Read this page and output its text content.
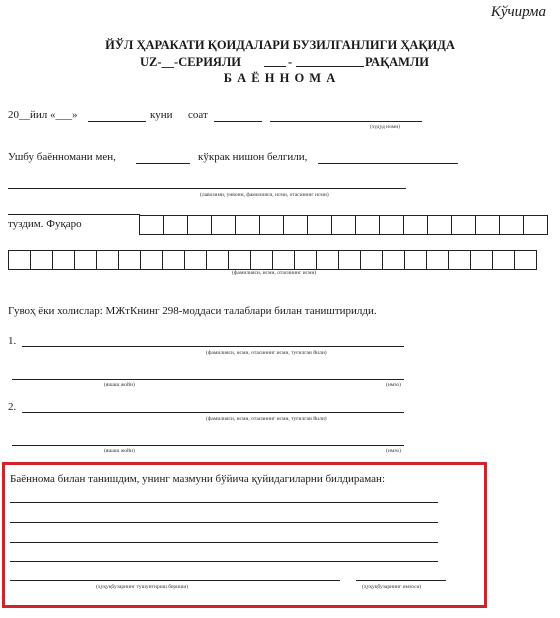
Кўчирма
ЙЎЛ ҲАРАКАТИ ҚОИДАЛАРИ БУЗИЛГАНЛИГИ ҲАҚИДА
UZ-__-СЕРИЯЛИ	-	РАҚАМЛИ
Б А Ё Н Н О М А
20__йил «___»	куни соат
(худуд номи)
Ушбу баённомани мен,	кўкрак нишон белгили,
(лавозими, унвони, фамилияси, исми, отасининг исми)
туздим. Фуқаро
(фамилияси, исми, отасининг исми)
Гувоҳ ёки холислар: МЖтКнинг 298-моддаси талаблари билан таништирилди.
1.
(фамилияси, исми, отасининг исми, туғилган йили)
(яшаш жойи)	(имзо)
2.
(фамилияси, исми, отасининг исми, туғилган йили)
(яшаш жойи)	(имзо)
Баённома билан танишдим, унинг мазмуни бўйича қуйидагиларни билдираман:
(ҳуқуқбузарнинг тушунтириш бериши)	(ҳуқуқбузарнинг имзоси)
